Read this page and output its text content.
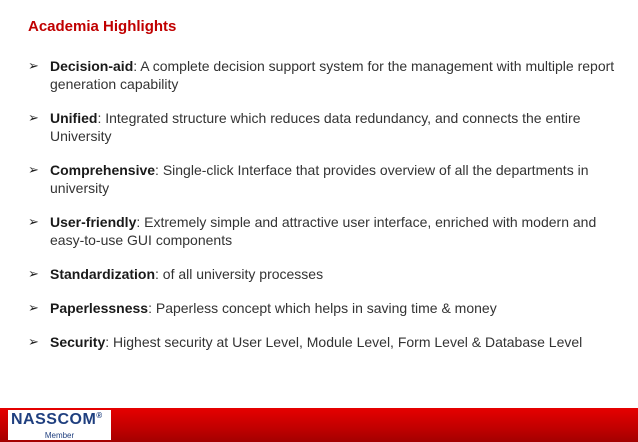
Academia Highlights
➢ Decision-aid: A complete decision support system for the management with multiple report generation capability
➢ Unified: Integrated structure which reduces data redundancy, and connects the entire University
➢ Comprehensive: Single-click Interface that provides overview of all the departments in university
➢ User-friendly: Extremely simple and attractive user interface, enriched with modern and easy-to-use GUI components
➢ Standardization: of all university processes
➢ Paperlessness: Paperless concept which helps in saving time & money
➢ Security: Highest security at User Level, Module Level, Form Level & Database Level
NASSCOM®
Member
